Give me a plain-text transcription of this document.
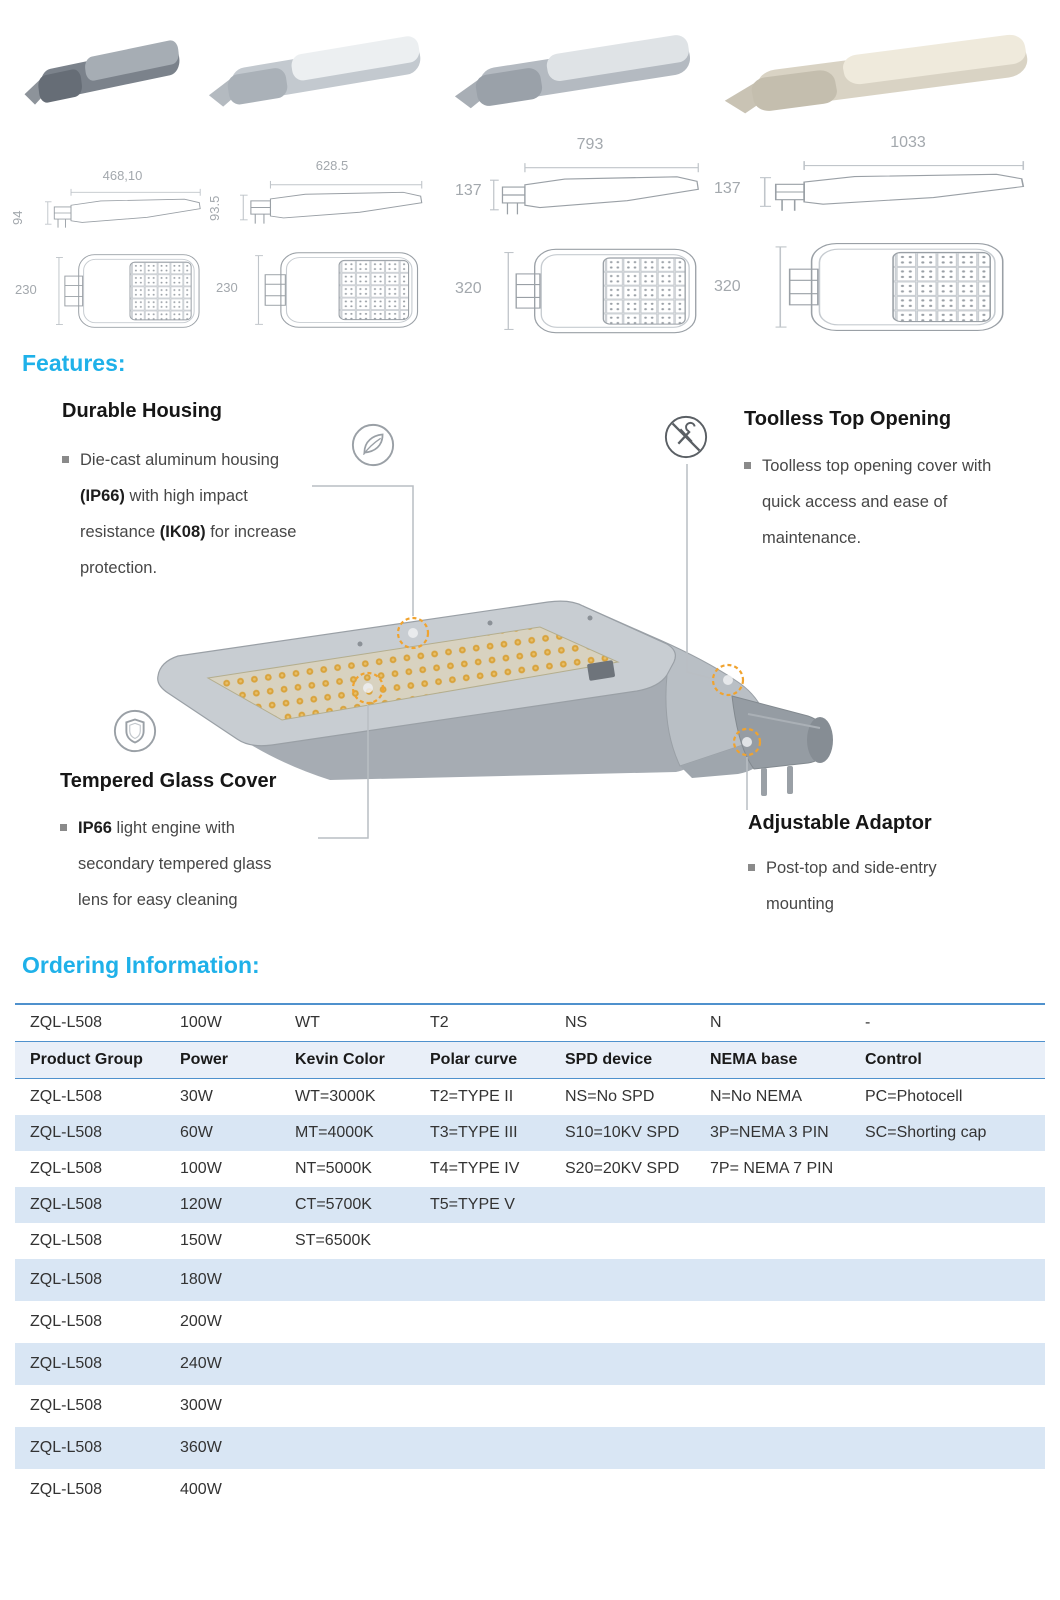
468,10
94
230
628.5
93.5
230
793
137
320
1033
137
320
Features:
Durable Housing

Die-cast aluminum housing (IP66) with high impact resistance (IK08) for increase protection.

Toolless Top Opening

Toolless top opening cover with quick access and ease of maintenance.

Tempered Glass Cover

IP66 light engine with secondary tempered glass lens for easy cleaning

Adjustable Adaptor

Post-top and side-entry mounting

Ordering Information:
ZQL-L508	100W	WT	T2	NS	N	-
Product Group	Power	Kevin Color	Polar curve	SPD device	NEMA base	Control
ZQL-L508	30W	WT=3000K	T2=TYPE II	NS=No SPD	N=No NEMA	PC=Photocell
ZQL-L508	60W	MT=4000K	T3=TYPE III	S10=10KV SPD	3P=NEMA 3 PIN	SC=Shorting cap
ZQL-L508	100W	NT=5000K	T4=TYPE IV	S20=20KV SPD	7P= NEMA 7 PIN	
ZQL-L508	120W	CT=5700K	T5=TYPE V			
ZQL-L508	150W	ST=6500K				
ZQL-L508	180W					
ZQL-L508	200W					
ZQL-L508	240W					
ZQL-L508	300W					
ZQL-L508	360W					
ZQL-L508	400W					
